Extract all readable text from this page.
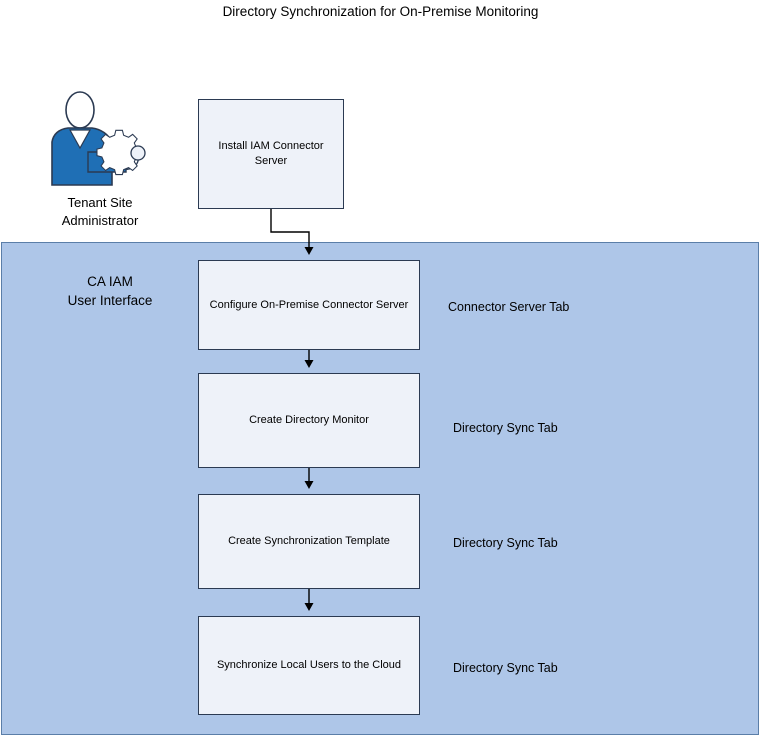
Directory Synchronization for On-Premise Monitoring
CA IAM
User Interface
Tenant Site
Administrator
Install IAM Connector Server
Configure On-Premise Connector Server
Create Directory Monitor
Create Synchronization Template
Synchronize Local Users to the Cloud
Connector Server Tab
Directory Sync Tab
Directory Sync Tab
Directory Sync Tab
